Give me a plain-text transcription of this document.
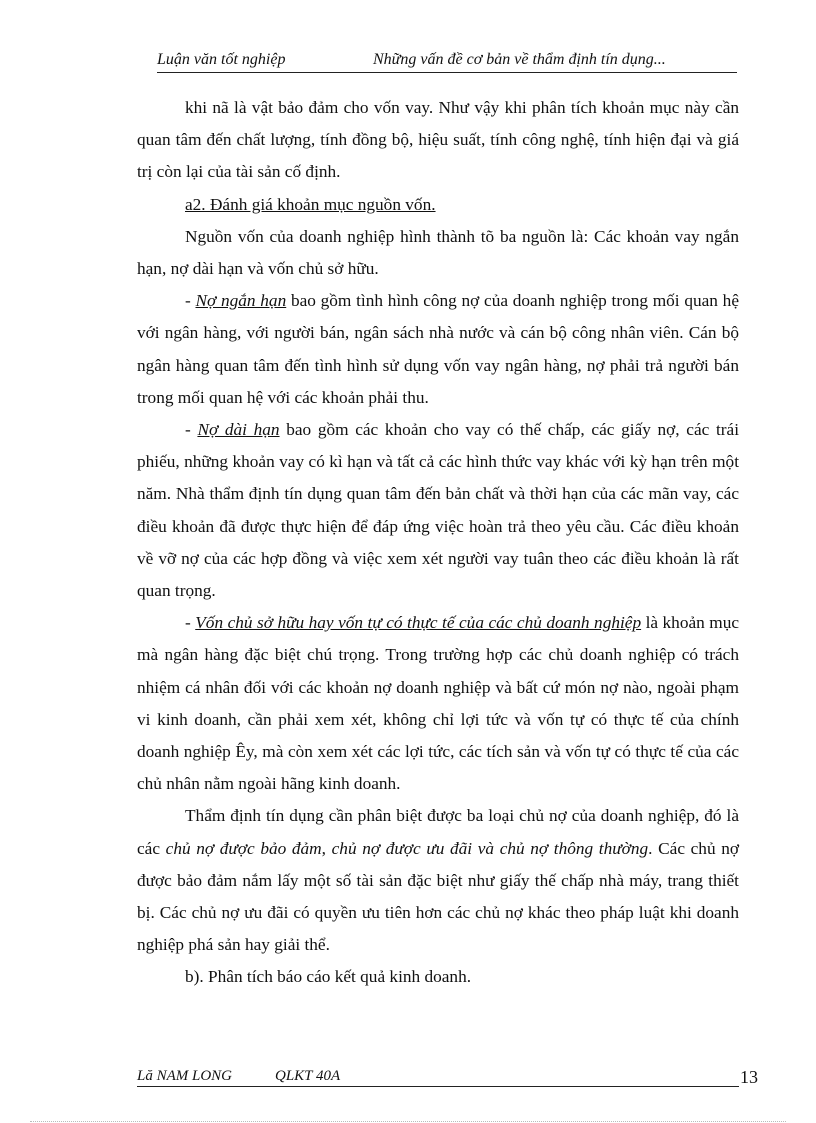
Luận văn tốt nghiệp	Những vấn đề cơ bản về thẩm định tín dụng...

khi nã là vật bảo đảm cho vốn vay. Như vậy khi phân tích khoản mục này cần quan tâm đến chất lượng, tính đồng bộ, hiệu suất, tính công nghệ, tính hiện đại và giá trị còn lại của tài sản cố định.

a2. Đánh giá khoản mục nguồn vốn.

Nguồn vốn của doanh nghiệp hình thành tõ ba nguồn là: Các khoản vay ngắn hạn, nợ dài hạn và vốn chủ sở hữu.

- Nợ ngắn hạn bao gồm tình hình công nợ của doanh nghiệp trong mối quan hệ với ngân hàng, với người bán, ngân sách nhà nước và cán bộ công nhân viên. Cán bộ ngân hàng quan tâm đến tình hình sử dụng vốn vay ngân hàng, nợ phải trả người bán trong mối quan hệ với các khoản phải thu.

- Nợ dài hạn bao gồm các khoản cho vay có thế chấp, các giấy nợ, các trái phiếu, những khoản vay có kì hạn và tất cả các hình thức vay khác với kỳ hạn trên một năm. Nhà thẩm định tín dụng quan tâm đến bản chất và thời hạn của các mãn vay, các điều khoản đã được thực hiện để đáp ứng việc hoàn trả theo yêu cầu. Các điều khoản về vỡ nợ của các hợp đồng và việc xem xét người vay tuân theo các điều khoản là rất quan trọng.

- Vốn chủ sở hữu hay vốn tự có thực tế của các chủ doanh nghiệp là khoản mục mà ngân hàng đặc biệt chú trọng. Trong trường hợp các chủ doanh nghiệp có trách nhiệm cá nhân đối với các khoản nợ doanh nghiệp và bất cứ món nợ nào, ngoài phạm vi kinh doanh, cần phải xem xét, không chỉ lợi tức và vốn tự có thực tế của chính doanh nghiệp Êy, mà còn xem xét các lợi tức, các tích sản và vốn tự có thực tế của các chủ nhân nằm ngoài hãng kinh doanh.

Thẩm định tín dụng cần phân biệt được ba loại chủ nợ của doanh nghiệp, đó là các chủ nợ được bảo đảm, chủ nợ được ưu đãi và chủ nợ thông thường. Các chủ nợ được bảo đảm nắm lấy một số tài sản đặc biệt như giấy thế chấp nhà máy, trang thiết bị. Các chủ nợ ưu đãi có quyền ưu tiên hơn các chủ nợ khác theo pháp luật khi doanh nghiệp phá sản hay giải thể.

b). Phân tích báo cáo kết quả kinh doanh.

Lă NAM LONG	QLKT 40A	13
